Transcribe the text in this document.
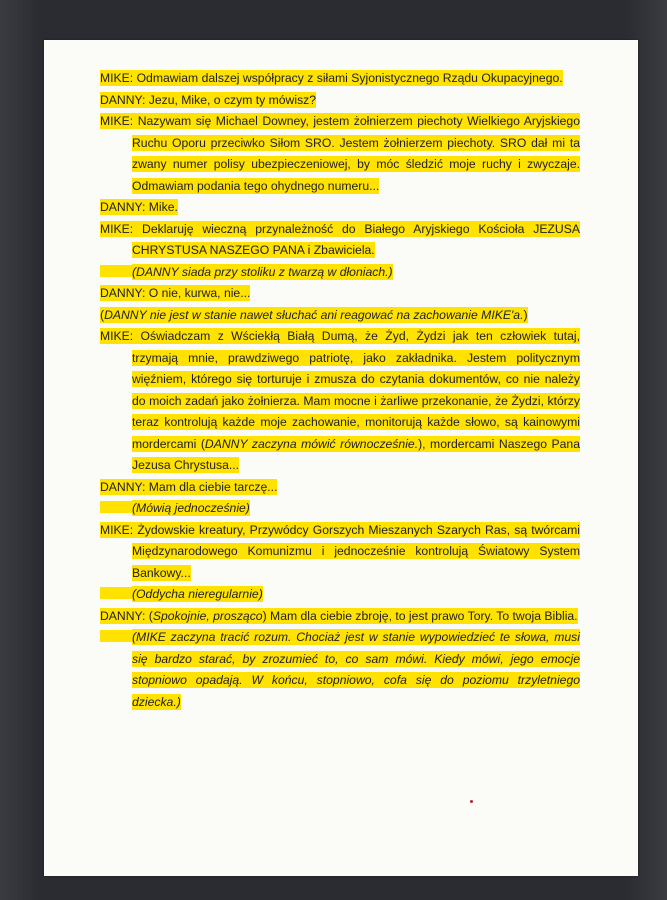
MIKE: Odmawiam dalszej współpracy z siłami Syjonistycznego Rządu Okupacyjnego.
DANNY: Jezu, Mike, o czym ty mówisz?
MIKE: Nazywam się Michael Downey, jestem żołnierzem piechoty Wielkiego Aryjskiego Ruchu Oporu przeciwko Siłom SRO. Jestem żołnierzem piechoty. SRO dał mi ta zwany numer polisy ubezpieczeniowej, by móc śledzić moje ruchy i zwyczaje. Odmawiam podania tego ohydnego numeru...
DANNY: Mike.
MIKE: Deklaruję wieczną przynależność do Białego Aryjskiego Kościoła JEZUSA CHRYSTUSA NASZEGO PANA i Zbawiciela.
(DANNY siada przy stoliku z twarzą w dłoniach.)
DANNY: O nie, kurwa, nie...
(DANNY nie jest w stanie nawet słuchać ani reagować na zachowanie MIKE'a.)
MIKE: Oświadczam z Wściekłą Białą Dumą, że Żyd, Żydzi jak ten człowiek tutaj, trzymają mnie, prawdziwego patriotę, jako zakładnika. Jestem politycznym więźniem, którego się torturuje i zmusza do czytania dokumentów, co nie należy do moich zadań jako żołnierza. Mam mocne i żarliwe przekonanie, że Żydzi, którzy teraz kontrolują każde moje zachowanie, monitorują każde słowo, są kainowymi mordercami (DANNY zaczyna mówić równocześnie.), mordercami Naszego Pana Jezusa Chrystusa...
DANNY: Mam dla ciebie tarczę...
(Mówią jednocześnie)
MIKE: Żydowskie kreatury, Przywódcy Gorszych Mieszanych Szarych Ras, są twórcami Międzynarodowego Komunizmu i jednocześnie kontrolują Światowy System Bankowy...
(Oddycha nieregularnie)
DANNY: (Spokojnie, prosząco) Mam dla ciebie zbroję, to jest prawo Tory. To twoja Biblia.
(MIKE zaczyna tracić rozum. Chociaż jest w stanie wypowiedzieć te słowa, musi się bardzo starać, by zrozumieć to, co sam mówi. Kiedy mówi, jego emocje stopniowo opadają. W końcu, stopniowo, cofa się do poziomu trzyletniego dziecka.)
